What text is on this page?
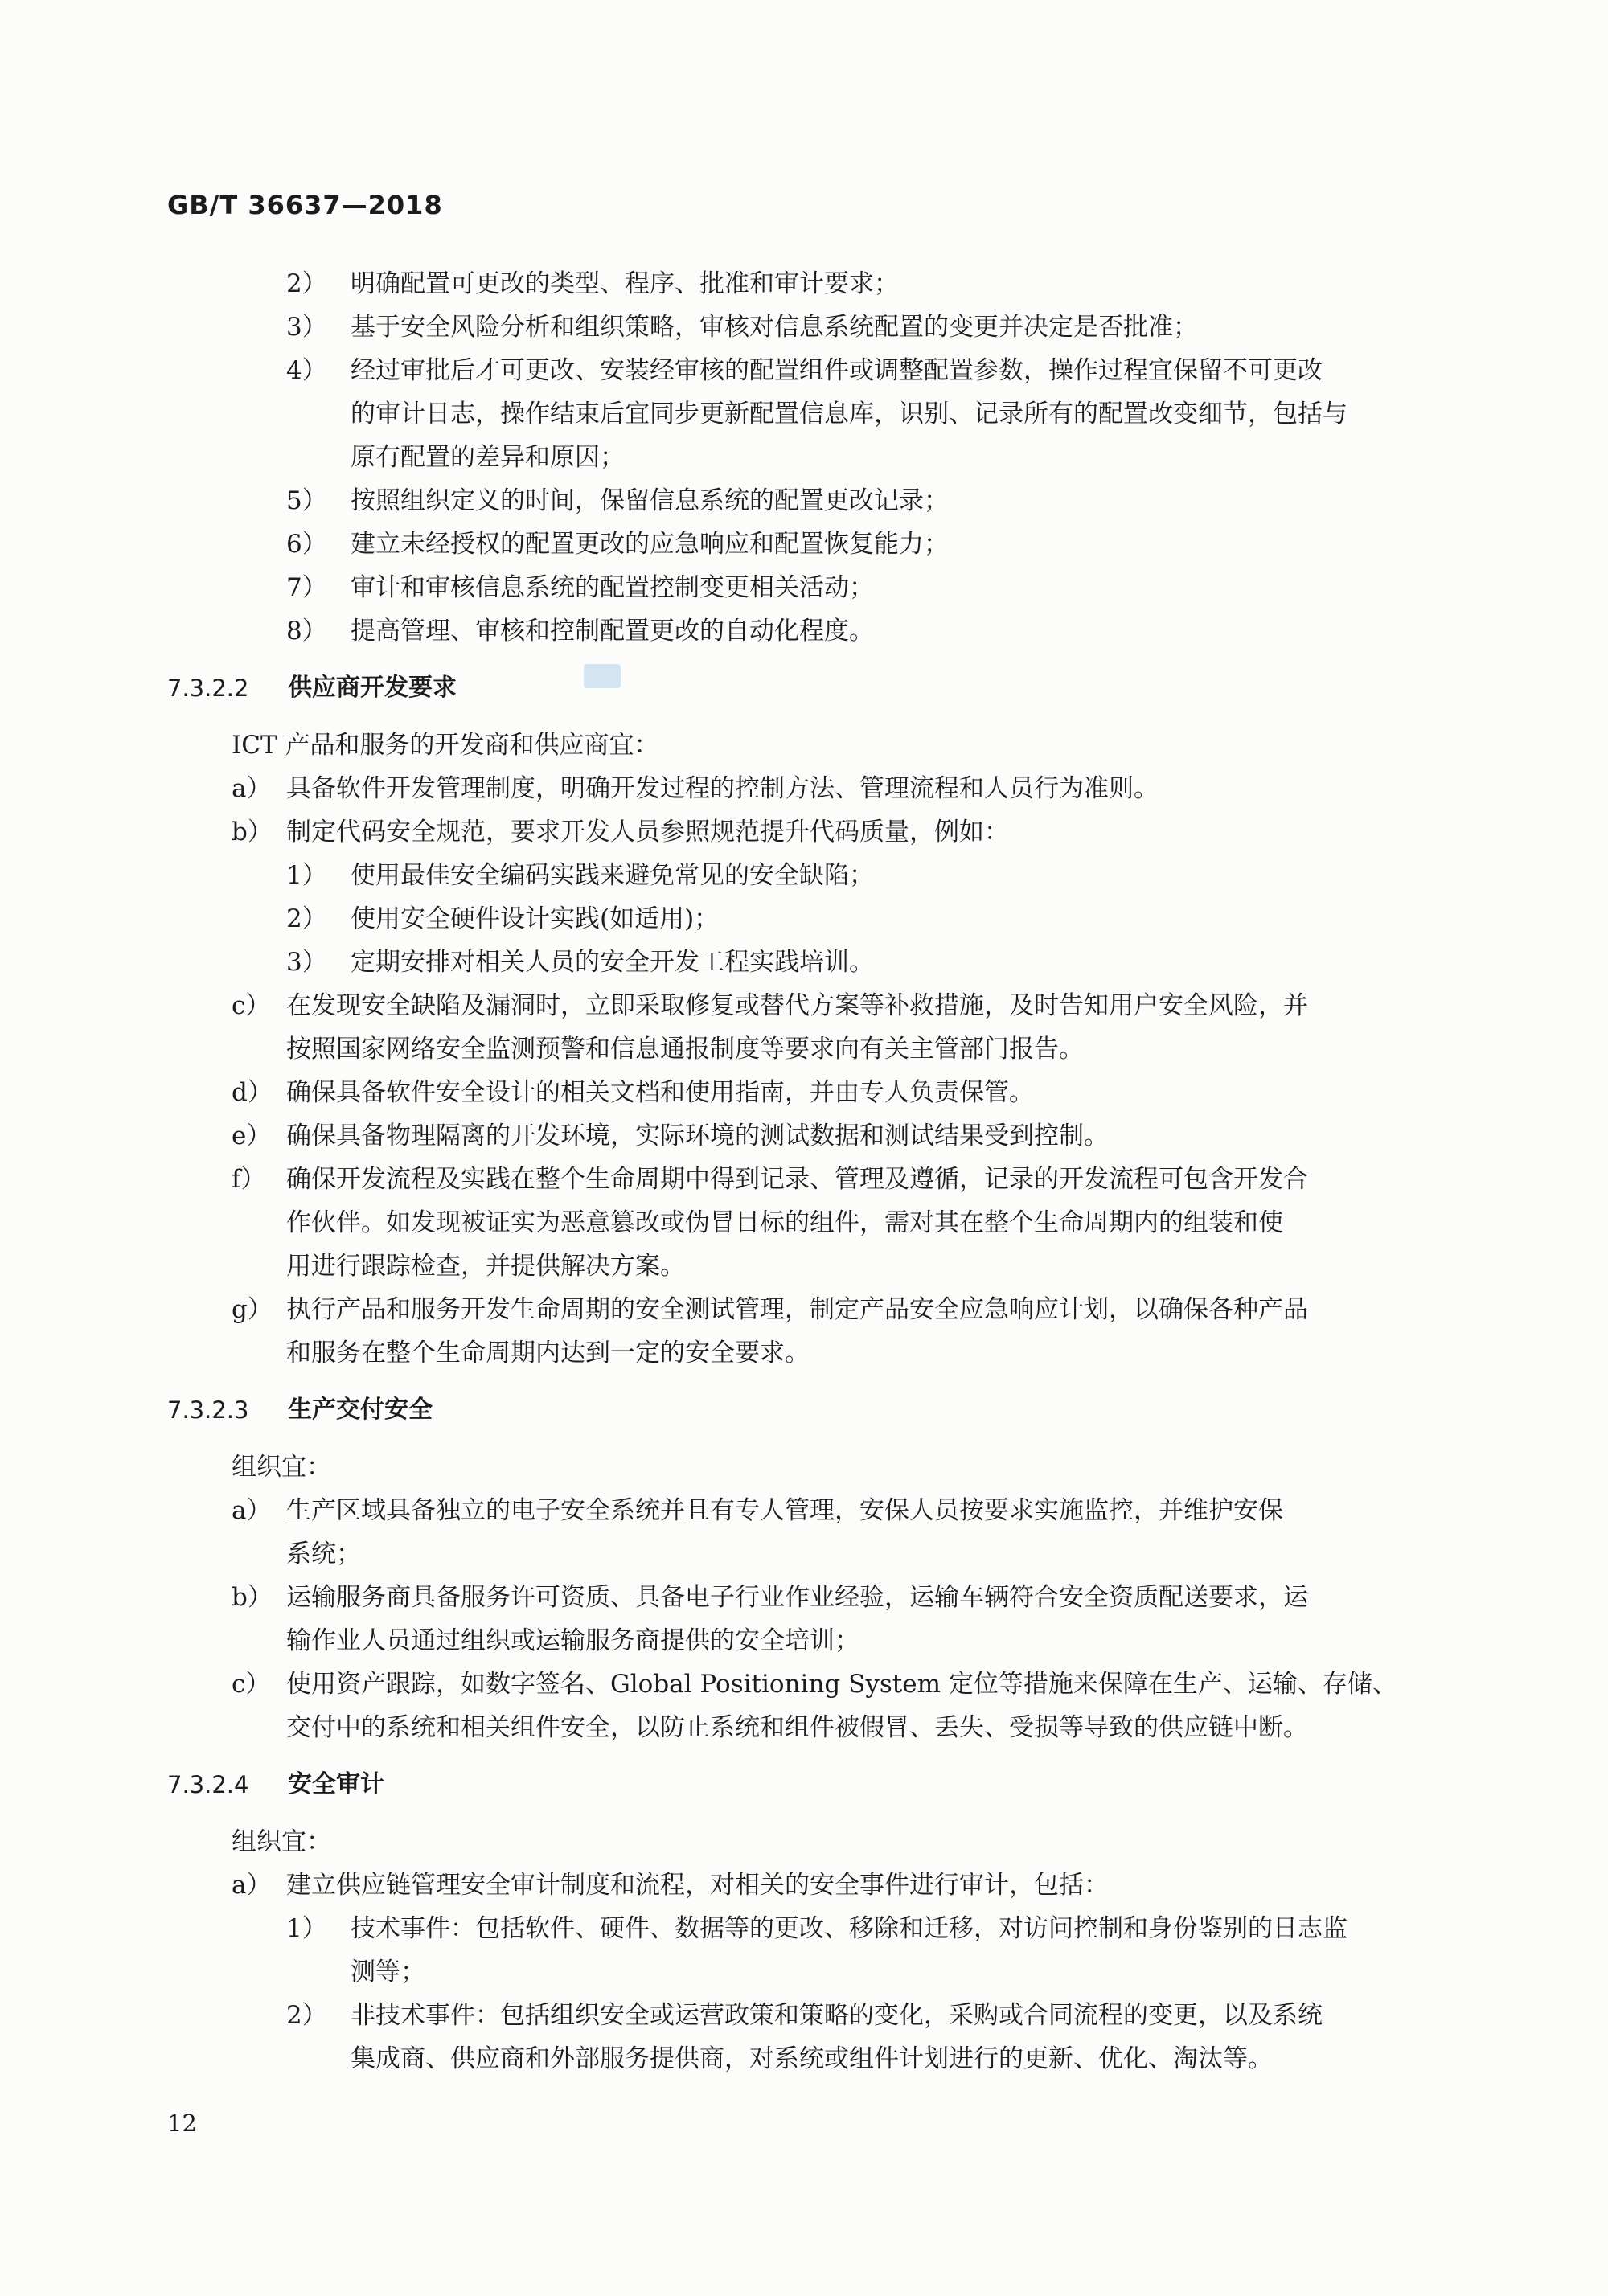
GB/T 36637—2018
2） 明确配置可更改的类型、程序、批准和审计要求；
3） 基于安全风险分析和组织策略，审核对信息系统配置的变更并决定是否批准；
4） 经过审批后才可更改、安装经审核的配置组件或调整配置参数，操作过程宜保留不可更改
的审计日志，操作结束后宜同步更新配置信息库，识别、记录所有的配置改变细节，包括与
原有配置的差异和原因；
5） 按照组织定义的时间，保留信息系统的配置更改记录；
6） 建立未经授权的配置更改的应急响应和配置恢复能力；
7） 审计和审核信息系统的配置控制变更相关活动；
8） 提高管理、审核和控制配置更改的自动化程度。
7.3.2.2 供应商开发要求
ICT 产品和服务的开发商和供应商宜：
a） 具备软件开发管理制度，明确开发过程的控制方法、管理流程和人员行为准则。
b） 制定代码安全规范，要求开发人员参照规范提升代码质量，例如：
1） 使用最佳安全编码实践来避免常见的安全缺陷；
2） 使用安全硬件设计实践(如适用)；
3） 定期安排对相关人员的安全开发工程实践培训。
c） 在发现安全缺陷及漏洞时，立即采取修复或替代方案等补救措施，及时告知用户安全风险，并
按照国家网络安全监测预警和信息通报制度等要求向有关主管部门报告。
d） 确保具备软件安全设计的相关文档和使用指南，并由专人负责保管。
e） 确保具备物理隔离的开发环境，实际环境的测试数据和测试结果受到控制。
f） 确保开发流程及实践在整个生命周期中得到记录、管理及遵循，记录的开发流程可包含开发合
作伙伴。如发现被证实为恶意篡改或伪冒目标的组件，需对其在整个生命周期内的组装和使
用进行跟踪检查，并提供解决方案。
g） 执行产品和服务开发生命周期的安全测试管理，制定产品安全应急响应计划，以确保各种产品
和服务在整个生命周期内达到一定的安全要求。
7.3.2.3 生产交付安全
组织宜：
a） 生产区域具备独立的电子安全系统并且有专人管理，安保人员按要求实施监控，并维护安保
系统；
b） 运输服务商具备服务许可资质、具备电子行业作业经验，运输车辆符合安全资质配送要求，运
输作业人员通过组织或运输服务商提供的安全培训；
c） 使用资产跟踪，如数字签名、Global Positioning System 定位等措施来保障在生产、运输、存储、
交付中的系统和相关组件安全，以防止系统和组件被假冒、丢失、受损等导致的供应链中断。
7.3.2.4 安全审计
组织宜：
a） 建立供应链管理安全审计制度和流程，对相关的安全事件进行审计，包括：
1） 技术事件：包括软件、硬件、数据等的更改、移除和迁移，对访问控制和身份鉴别的日志监
测等；
2） 非技术事件：包括组织安全或运营政策和策略的变化，采购或合同流程的变更，以及系统
集成商、供应商和外部服务提供商，对系统或组件计划进行的更新、优化、淘汰等。
12
